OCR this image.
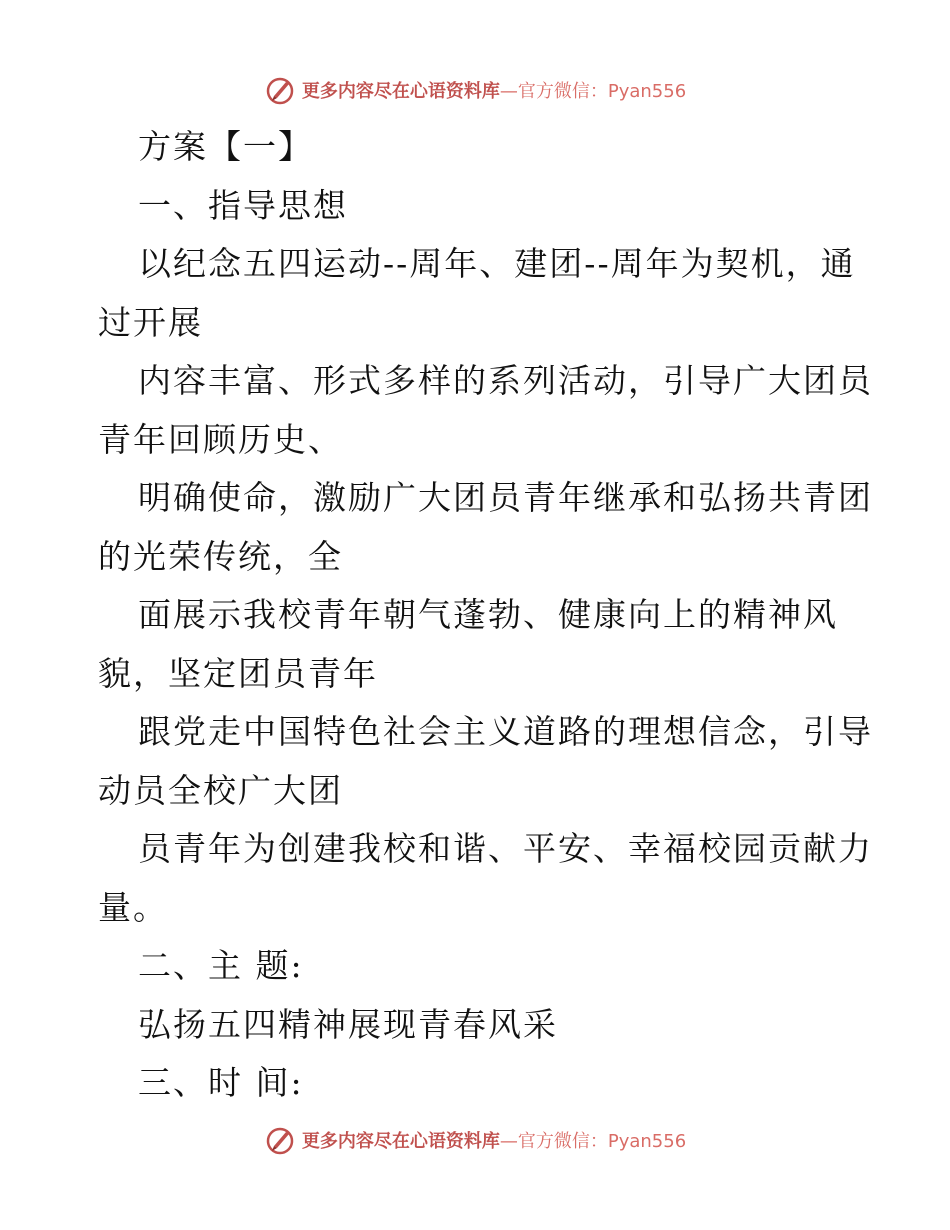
更多内容尽在心语资料库 —官方微信：Pyan556
方案【一】
一、指导思想
以纪念五四运动--周年、建团--周年为契机，通
过开展
内容丰富、形式多样的系列活动，引导广大团员
青年回顾历史、
明确使命，激励广大团员青年继承和弘扬共青团
的光荣传统，全
面展示我校青年朝气蓬勃、健康向上的精神风
貌，坚定团员青年
跟党走中国特色社会主义道路的理想信念，引导
动员全校广大团
员青年为创建我校和谐、平安、幸福校园贡献力
量。
二、主 题:
弘扬五四精神展现青春风采
三、时 间:
更多内容尽在心语资料库 —官方微信：Pyan556
